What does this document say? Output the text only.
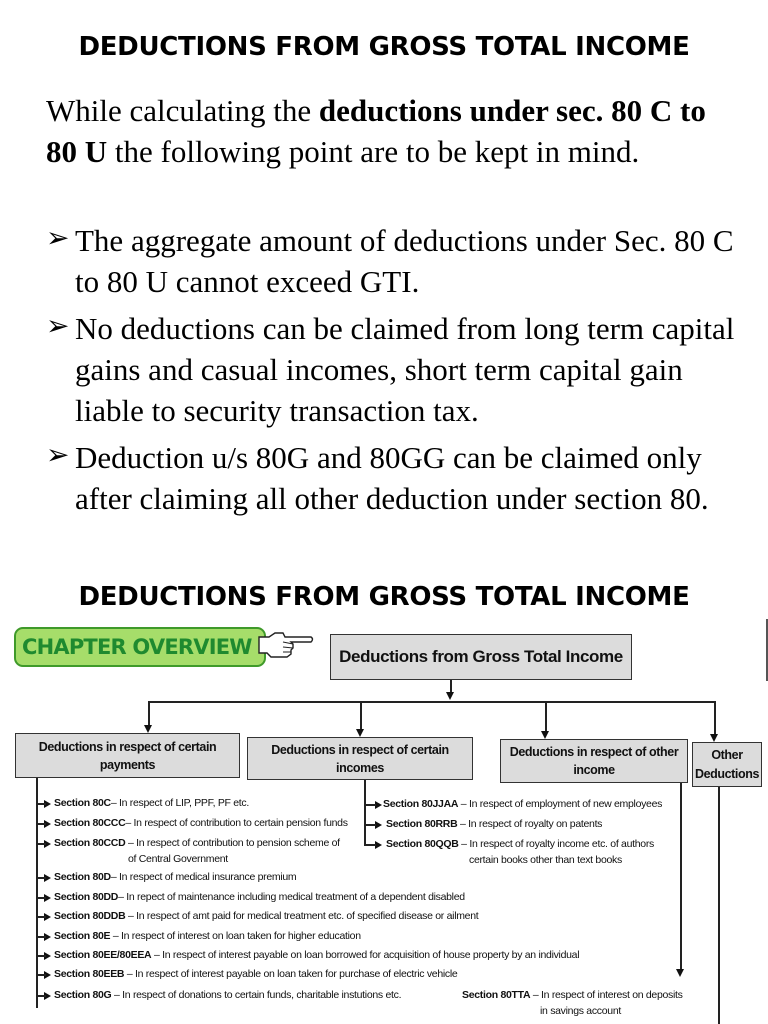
DEDUCTIONS FROM GROSS TOTAL INCOME
While calculating the deductions under sec. 80 C to 80 U the following point are to be kept in mind.
➢ The aggregate amount of deductions under Sec. 80 C to 80 U cannot exceed GTI.
➢ No deductions can be claimed from long term capital gains and casual incomes, short term capital gain liable to security transaction tax.
➢ Deduction u/s 80G and 80GG can be claimed only after claiming all other deduction under section 80.
DEDUCTIONS FROM GROSS TOTAL INCOME
CHAPTER OVERVIEW	Deductions from Gross Total Income
Deductions in respect of certain payments
Deductions in respect of certain incomes
Deductions in respect of other income
Other Deductions
Section 80C– In respect of LIP, PPF, PF etc.
Section 80CCC– In respect of contribution to certain pension funds
Section 80CCD – In respect of contribution to pension scheme of
of Central Government
Section 80D– In respect of medical insurance premium
Section 80DD– In repect of maintenance including medical treatment of a dependent disabled
Section 80DDB – In respect of amt paid for medical treatment etc. of specified disease or ailment
Section 80E – In respect of interest on loan taken for higher education
Section 80EE/80EEA – In respect of interest payable on loan borrowed for acquisition of house property by an individual
Section 80EEB – In respect of interest payable on loan taken for purchase of electric vehicle
Section 80G – In respect of donations to certain funds, charitable instutions etc.
Section 80JJAA – In respect of employment of new employees
Section 80RRB – In respect of royalty on patents
Section 80QQB – In respect of royalty income etc. of authors
certain books other than text books
Section 80TTA – In respect of interest on deposits
in savings account
